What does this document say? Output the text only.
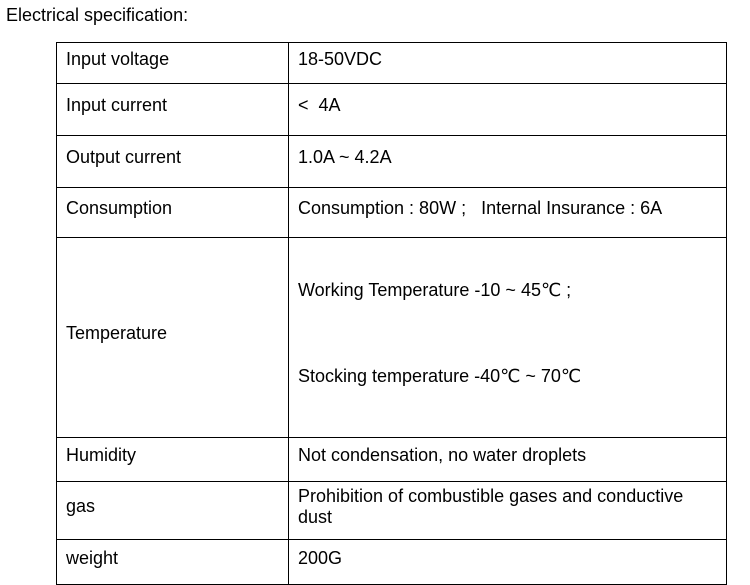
Electrical specification:
Input voltage	18-50VDC
Input current	<  4A
Output current	1.0A ~ 4.2A
Consumption	Consumption : 80W ;   Internal Insurance : 6A
Temperature	Working Temperature -10 ~ 45℃ ;

Stocking temperature -40℃ ~ 70℃

Humidity	Not condensation, no water droplets
gas	Prohibition of combustible gases and conductive dust
weight	200G
